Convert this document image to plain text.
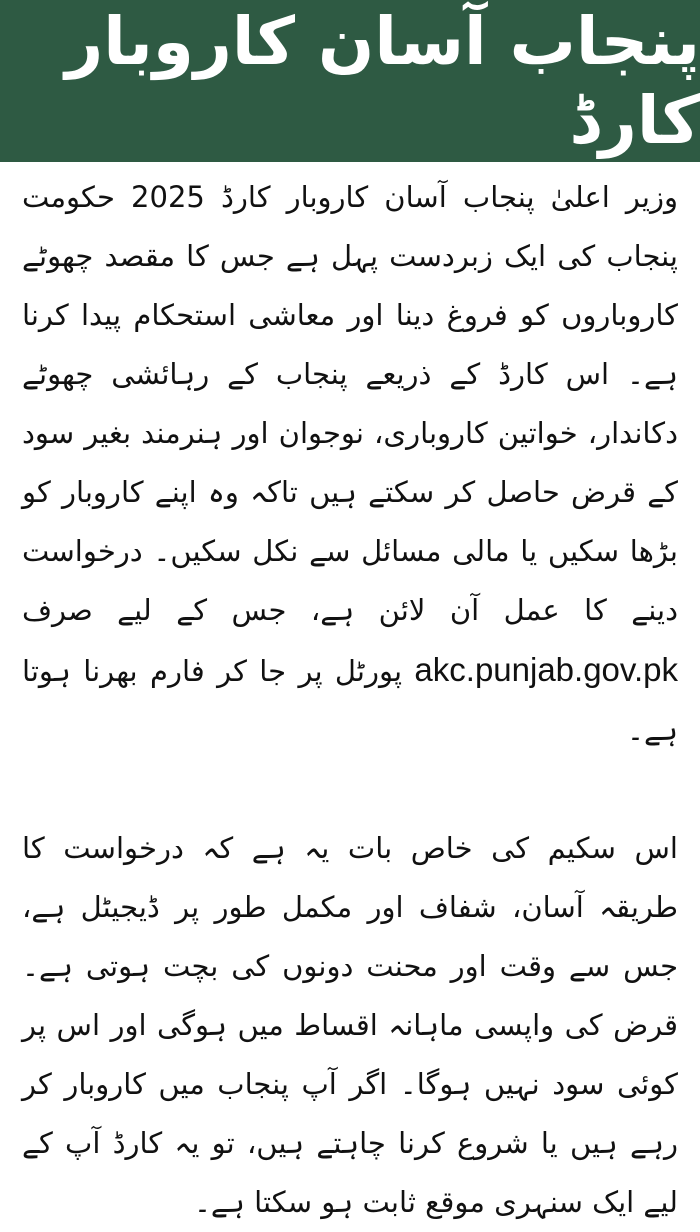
پنجاب آسان کاروبار کارڈ

وزیر اعلیٰ پنجاب آسان کاروبار کارڈ 2025 حکومت پنجاب کی ایک زبردست پہل ہے جس کا مقصد چھوٹے کاروباروں کو فروغ دینا اور معاشی استحکام پیدا کرنا ہے۔ اس کارڈ کے ذریعے پنجاب کے رہائشی چھوٹے دکاندار، خواتین کاروباری، نوجوان اور ہنرمند بغیر سود کے قرض حاصل کر سکتے ہیں تاکہ وہ اپنے کاروبار کو بڑھا سکیں یا مالی مسائل سے نکل سکیں۔ درخواست دینے کا عمل آن لائن ہے، جس کے لیے صرف akc.punjab.gov.pk پورٹل پر جا کر فارم بھرنا ہوتا ہے۔

اس سکیم کی خاص بات یہ ہے کہ درخواست کا طریقہ آسان، شفاف اور مکمل طور پر ڈیجیٹل ہے، جس سے وقت اور محنت دونوں کی بچت ہوتی ہے۔ قرض کی واپسی ماہانہ اقساط میں ہوگی اور اس پر کوئی سود نہیں ہوگا۔ اگر آپ پنجاب میں کاروبار کر رہے ہیں یا شروع کرنا چاہتے ہیں، تو یہ کارڈ آپ کے لیے ایک سنہری موقع ثابت ہو سکتا ہے۔
